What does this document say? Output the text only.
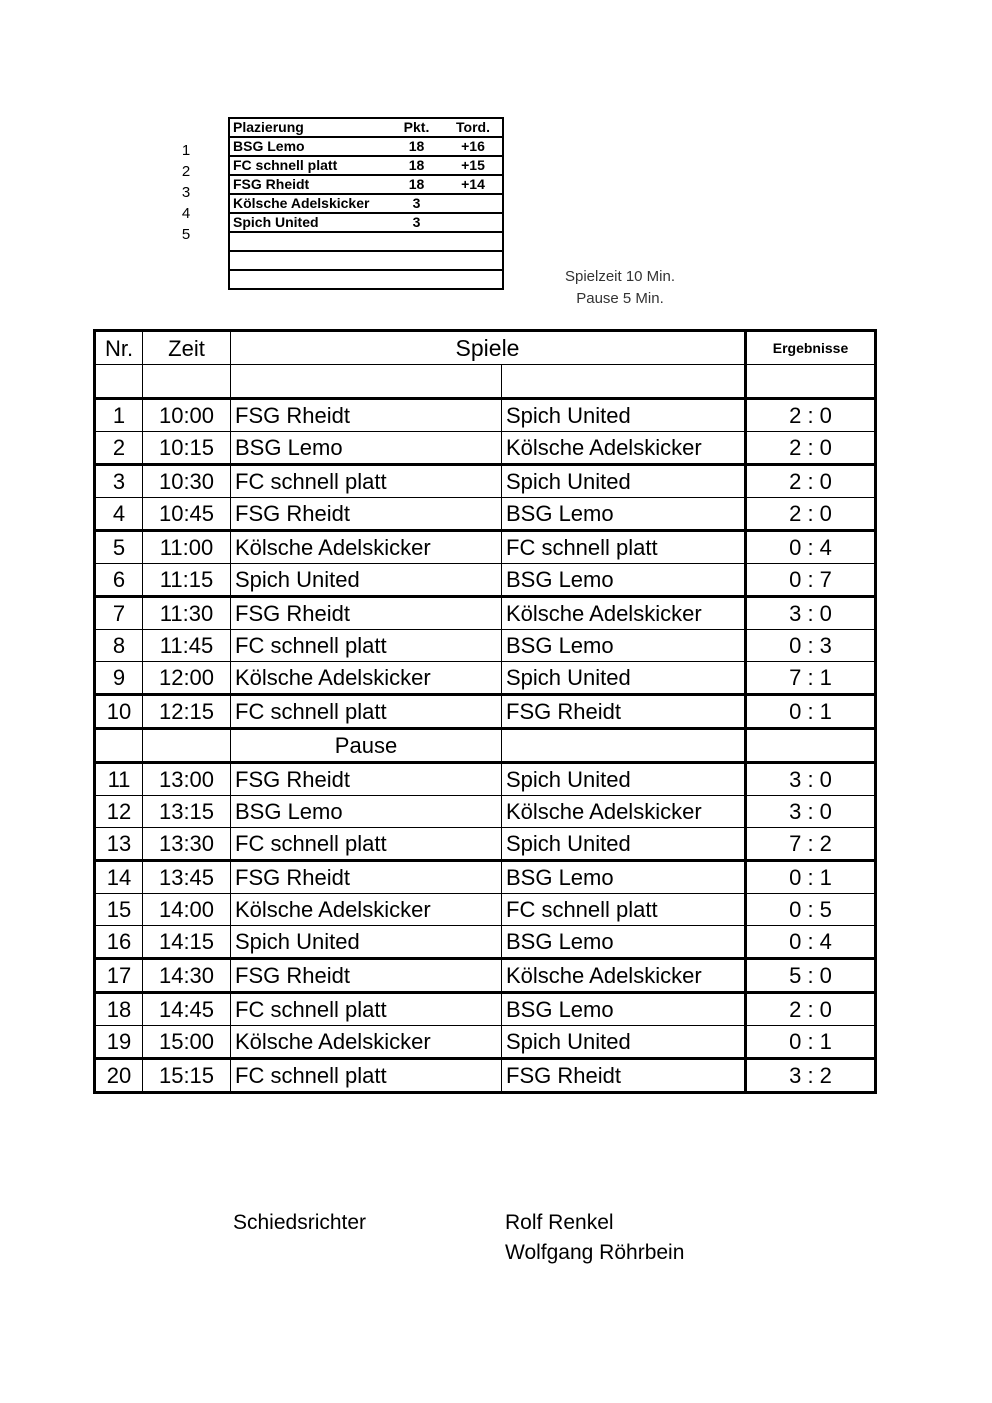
1
2
3
4
5
Plazierung	Pkt.	Tord.
BSG Lemo	18	+16
FC schnell platt	18	+15
FSG Rheidt	18	+14
Kölsche Adelskicker	3	
Spich United	3	

Spielzeit 10 Min.
Pause 5 Min.
Nr.	Zeit	Spiele		Ergebnisse

1	10:00	FSG Rheidt	Spich United	2 : 0
2	10:15	BSG Lemo	Kölsche Adelskicker	2 : 0
3	10:30	FC schnell platt	Spich United	2 : 0
4	10:45	FSG Rheidt	BSG Lemo	2 : 0
5	11:00	Kölsche Adelskicker	FC schnell platt	0 : 4
6	11:15	Spich United	BSG Lemo	0 : 7
7	11:30	FSG Rheidt	Kölsche Adelskicker	3 : 0
8	11:45	FC schnell platt	BSG Lemo	0 : 3
9	12:00	Kölsche Adelskicker	Spich United	7 : 1
10	12:15	FC schnell platt	FSG Rheidt	0 : 1
		Pause		
11	13:00	FSG Rheidt	Spich United	3 : 0
12	13:15	BSG Lemo	Kölsche Adelskicker	3 : 0
13	13:30	FC schnell platt	Spich United	7 : 2
14	13:45	FSG Rheidt	BSG Lemo	0 : 1
15	14:00	Kölsche Adelskicker	FC schnell platt	0 : 5
16	14:15	Spich United	BSG Lemo	0 : 4
17	14:30	FSG Rheidt	Kölsche Adelskicker	5 : 0
18	14:45	FC schnell platt	BSG Lemo	2 : 0
19	15:00	Kölsche Adelskicker	Spich United	0 : 1
20	15:15	FC schnell platt	FSG Rheidt	3 : 2
Schiedsrichter	Rolf Renkel
Wolfgang Röhrbein
